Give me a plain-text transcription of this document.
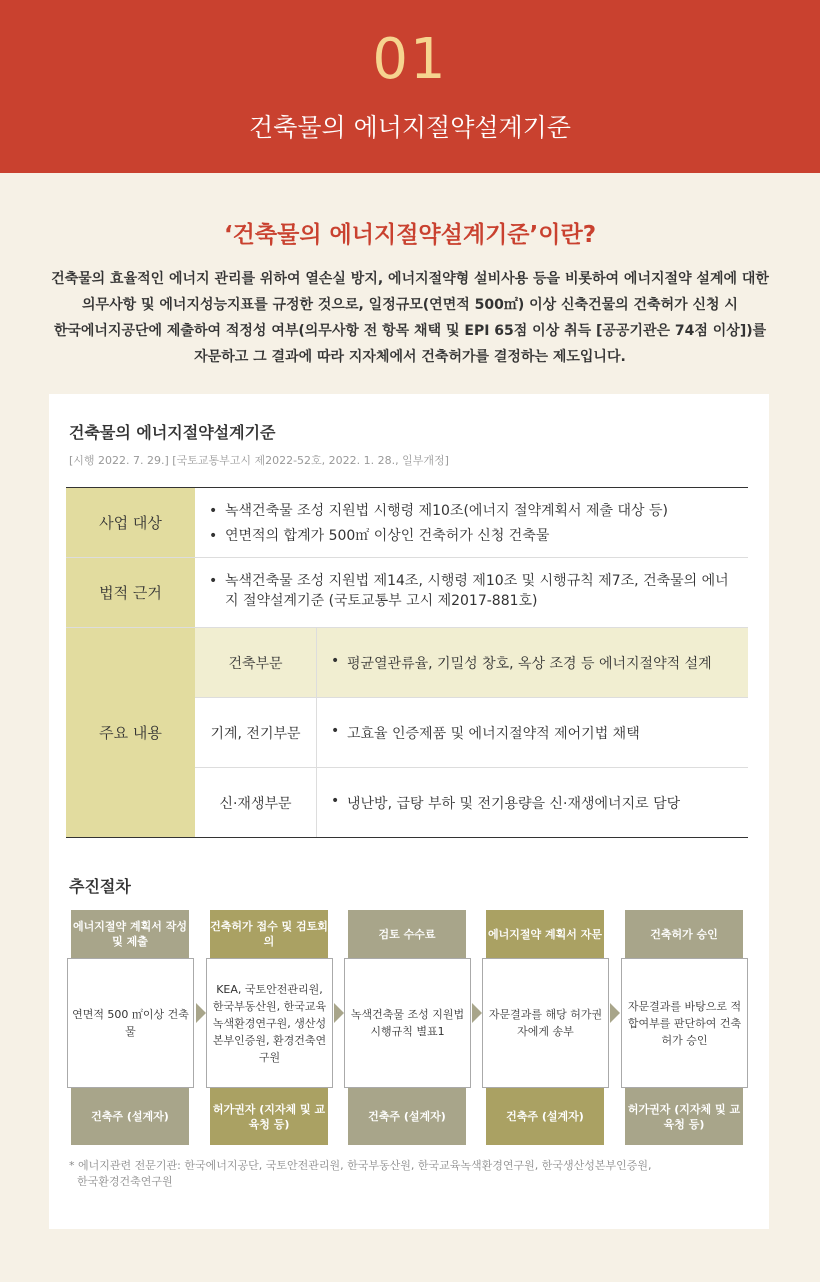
01
건축물의 에너지절약설계기준
‘건축물의 에너지절약설계기준’이란?
건축물의 효율적인 에너지 관리를 위하여 열손실 방지, 에너지절약형 설비사용 등을 비롯하여 에너지절약 설계에 대한
의무사항 및 에너지성능지표를 규정한 것으로, 일정규모(연면적 500㎡) 이상 신축건물의 건축허가 신청 시
한국에너지공단에 제출하여 적정성 여부(의무사항 전 항목 채택 및 EPI 65점 이상 취득 [공공기관은 74점 이상])를
자문하고 그 결과에 따라 지자체에서 건축허가를 결정하는 제도입니다.
건축물의 에너지절약설계기준
[시행 2022. 7. 29.] [국토교통부고시 제2022-52호, 2022. 1. 28., 일부개정]
사업 대상
• 녹색건축물 조성 지원법 시행령 제10조(에너지 절약계획서 제출 대상 등)
• 연면적의 합계가 500㎡ 이상인 건축허가 신청 건축물
법적 근거
• 녹색건축물 조성 지원법 제14조, 시행령 제10조 및 시행규칙 제7조, 건축물의 에너지 절약설계기준 (국토교통부 고시 제2017-881호)
주요 내용
건축부문	• 평균열관류율, 기밀성 창호, 옥상 조경 등 에너지절약적 설계
기계, 전기부문	• 고효율 인증제품 및 에너지절약적 제어기법 채택
신·재생부문	• 냉난방, 급탕 부하 및 전기용량을 신·재생에너지로 담당
추진절차
에너지절약 계획서 작성 및 제출
연면적 500 ㎡이상 건축물
건축주 (설계자)
건축허가 접수 및 검토회의
KEA, 국토안전관리원, 한국부동산원, 한국교육녹색환경연구원, 생산성본부인증원, 환경건축연구원
허가권자 (지자체 및 교육청 등)
검토 수수료
녹색건축물 조성 지원법 시행규칙 별표1
건축주 (설계자)
에너지절약 계획서 자문
자문결과를 해당 허가권자에게 송부
건축주 (설계자)
건축허가 승인
자문결과를 바탕으로 적합여부를 판단하여 건축허가 승인
허가권자 (지자체 및 교육청 등)
* 에너지관련 전문기관: 한국에너지공단, 국토안전관리원, 한국부동산원, 한국교육녹색환경연구원, 한국생산성본부인증원,
한국환경건축연구원
